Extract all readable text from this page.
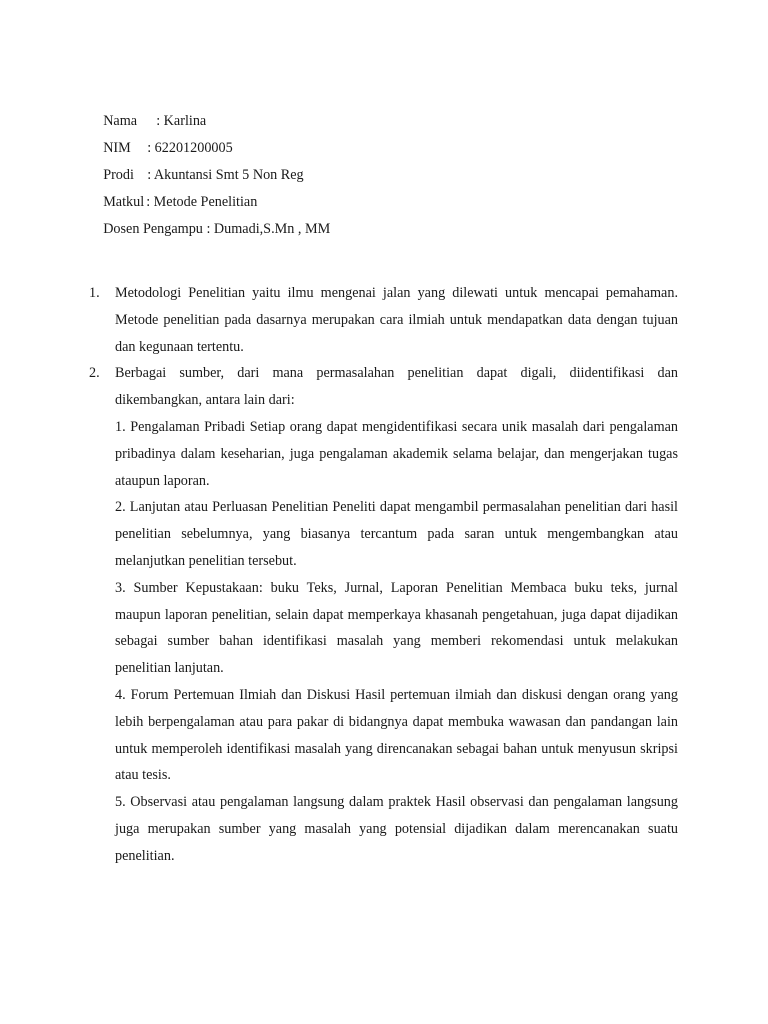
Nama : Karlina

NIM : 62201200005

Prodi : Akuntansi Smt 5 Non Reg

Matkul : Metode Penelitian

Dosen Pengampu : Dumadi,S.Mn , MM

1.	Metodologi Penelitian yaitu ilmu mengenai jalan yang dilewati untuk mencapai pemahaman. Metode penelitian pada dasarnya merupakan cara ilmiah untuk mendapatkan data dengan tujuan dan kegunaan tertentu.

2.	Berbagai sumber, dari mana permasalahan penelitian dapat digali, diidentifikasi dan dikembangkan, antara lain dari:

1. Pengalaman Pribadi Setiap orang dapat mengidentifikasi secara unik masalah dari pengalaman pribadinya dalam keseharian, juga pengalaman akademik selama belajar, dan mengerjakan tugas ataupun laporan.

2. Lanjutan atau Perluasan Penelitian Peneliti dapat mengambil permasalahan penelitian dari hasil penelitian sebelumnya, yang biasanya tercantum pada saran untuk mengembangkan atau melanjutkan penelitian tersebut.

3. Sumber Kepustakaan: buku Teks, Jurnal, Laporan Penelitian Membaca buku teks, jurnal maupun laporan penelitian, selain dapat memperkaya khasanah pengetahuan, juga dapat dijadikan sebagai sumber bahan identifikasi masalah yang memberi rekomendasi untuk melakukan penelitian lanjutan.

4. Forum Pertemuan Ilmiah dan Diskusi Hasil pertemuan ilmiah dan diskusi dengan orang yang lebih berpengalaman atau para pakar di bidangnya dapat membuka wawasan dan pandangan lain untuk memperoleh identifikasi masalah yang direncanakan sebagai bahan untuk menyusun skripsi atau tesis.

5. Observasi atau pengalaman langsung dalam praktek Hasil observasi dan pengalaman langsung juga merupakan sumber yang masalah yang potensial dijadikan dalam merencanakan suatu penelitian.
